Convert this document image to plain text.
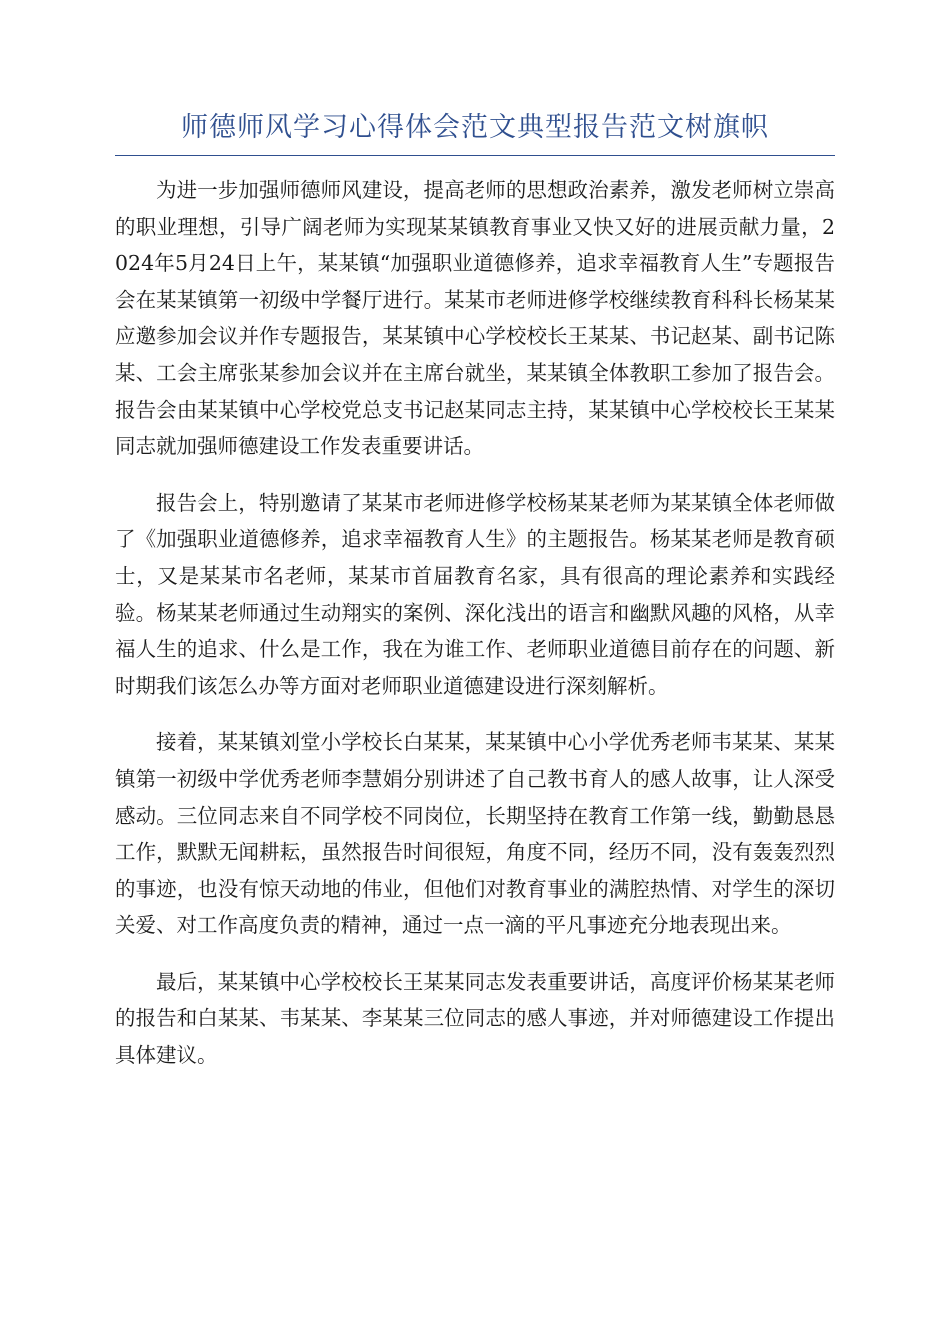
师德师风学习心得体会范文典型报告范文树旗帜

为进一步加强师德师风建设，提高老师的思想政治素养，激发老师树立崇高的职业理想，引导广阔老师为实现某某镇教育事业又快又好的进展贡献力量，2024年5月24日上午，某某镇“加强职业道德修养，追求幸福教育人生”专题报告会在某某镇第一初级中学餐厅进行。某某市老师进修学校继续教育科科长杨某某应邀参加会议并作专题报告，某某镇中心学校校长王某某、书记赵某、副书记陈某、工会主席张某参加会议并在主席台就坐，某某镇全体教职工参加了报告会。报告会由某某镇中心学校党总支书记赵某同志主持，某某镇中心学校校长王某某同志就加强师德建设工作发表重要讲话。

报告会上，特别邀请了某某市老师进修学校杨某某老师为某某镇全体老师做了《加强职业道德修养，追求幸福教育人生》的主题报告。杨某某老师是教育硕士，又是某某市名老师，某某市首届教育名家，具有很高的理论素养和实践经验。杨某某老师通过生动翔实的案例、深化浅出的语言和幽默风趣的风格，从幸福人生的追求、什么是工作，我在为谁工作、老师职业道德目前存在的问题、新时期我们该怎么办等方面对老师职业道德建设进行深刻解析。

接着，某某镇刘堂小学校长白某某，某某镇中心小学优秀老师韦某某、某某镇第一初级中学优秀老师李慧娟分别讲述了自己教书育人的感人故事，让人深受感动。三位同志来自不同学校不同岗位，长期坚持在教育工作第一线，勤勤恳恳工作，默默无闻耕耘，虽然报告时间很短，角度不同，经历不同，没有轰轰烈烈的事迹，也没有惊天动地的伟业，但他们对教育事业的满腔热情、对学生的深切关爱、对工作高度负责的精神，通过一点一滴的平凡事迹充分地表现出来。

最后，某某镇中心学校校长王某某同志发表重要讲话，高度评价杨某某老师的报告和白某某、韦某某、李某某三位同志的感人事迹，并对师德建设工作提出具体建议。
